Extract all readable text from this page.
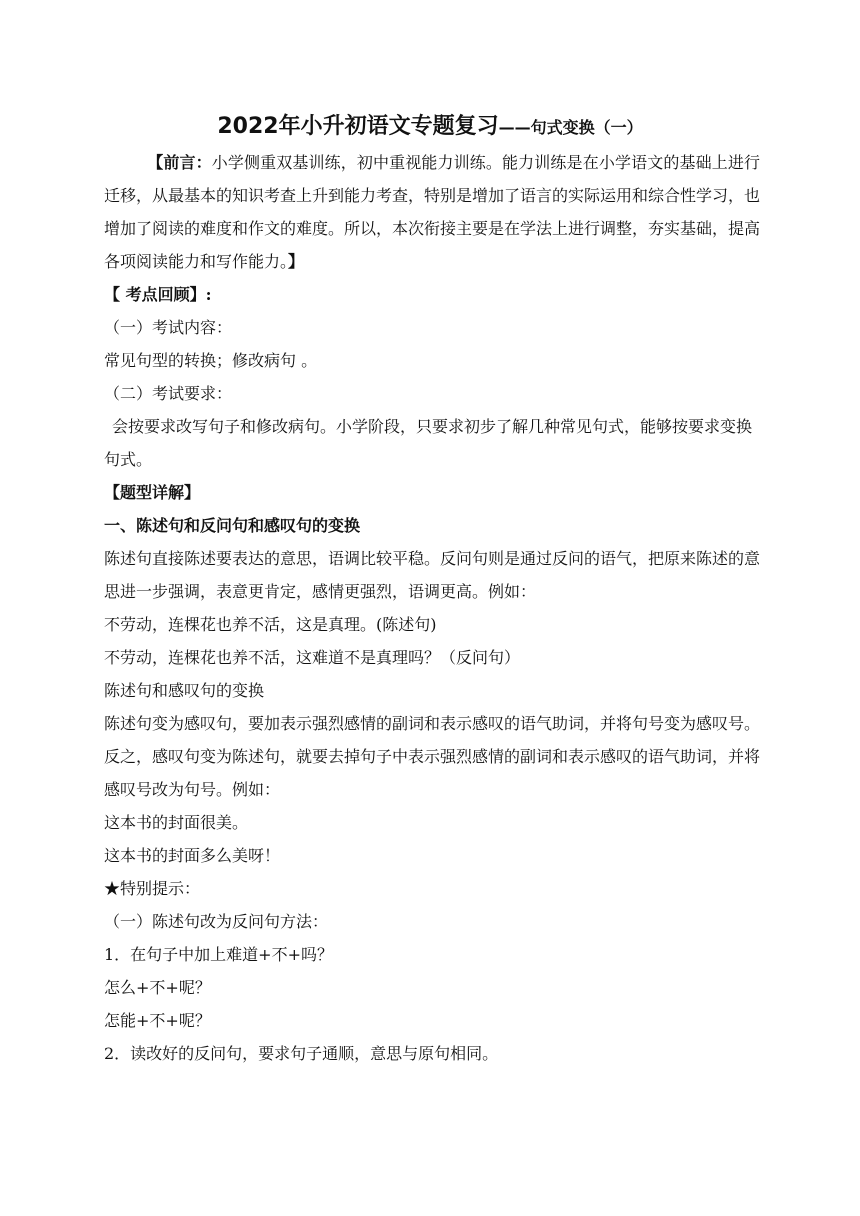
2022年小升初语文专题复习——句式变换（一）

【前言：小学侧重双基训练，初中重视能力训练。能力训练是在小学语文的基础上进行迁移，从最基本的知识考查上升到能力考查，特别是增加了语言的实际运用和综合性学习，也增加了阅读的难度和作文的难度。所以，本次衔接主要是在学法上进行调整，夯实基础，提高各项阅读能力和写作能力。】

【 考点回顾】:

（一）考试内容：

常见句型的转换；修改病句 。

（二）考试要求：

会按要求改写句子和修改病句。小学阶段，只要求初步了解几种常见句式，能够按要求变换句式。

【题型详解】

一、陈述句和反问句和感叹句的变换

陈述句直接陈述要表达的意思，语调比较平稳。反问句则是通过反问的语气，把原来陈述的意思进一步强调，表意更肯定，感情更强烈，语调更高。例如：

不劳动，连棵花也养不活，这是真理。(陈述句)

不劳动，连棵花也养不活，这难道不是真理吗？（反问句）

陈述句和感叹句的变换

陈述句变为感叹句，要加表示强烈感情的副词和表示感叹的语气助词，并将句号变为感叹号。反之，感叹句变为陈述句，就要去掉句子中表示强烈感情的副词和表示感叹的语气助词，并将感叹号改为句号。例如：

这本书的封面很美。

这本书的封面多么美呀！

★特别提示：

（一）陈述句改为反问句方法：

1．在句子中加上难道+不+吗？

怎么+不+呢？

怎能+不+呢？

2．读改好的反问句，要求句子通顺，意思与原句相同。
